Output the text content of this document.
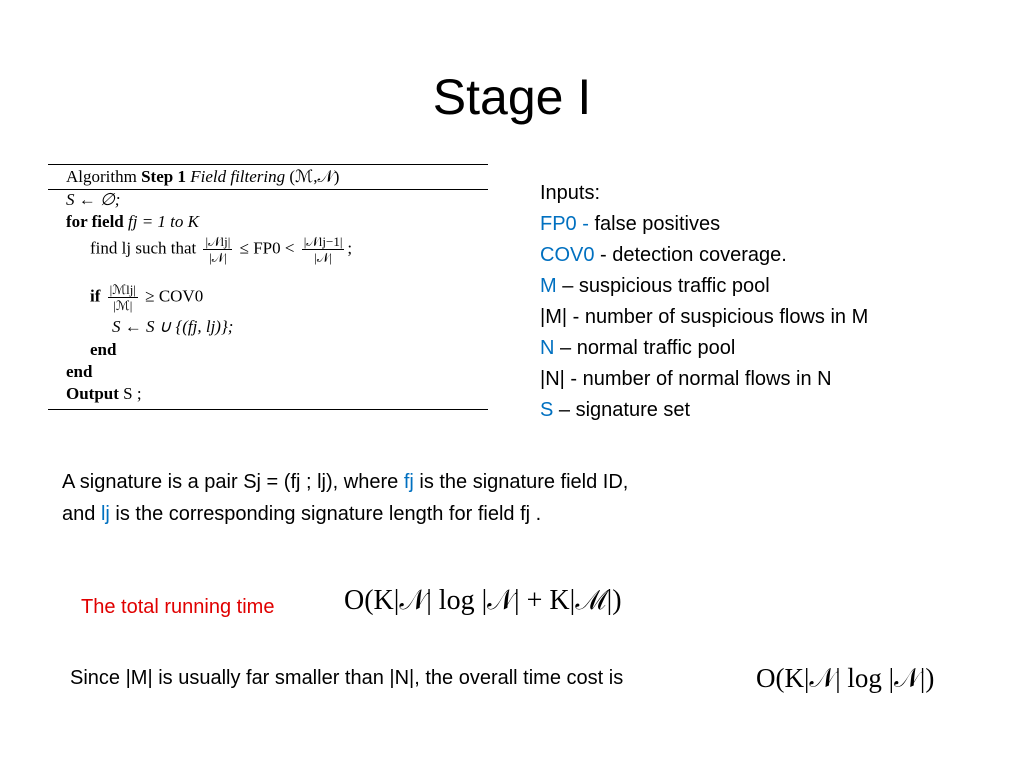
Stage I
Algorithm Step 1 Field filtering (ℳ,𝒩)
S ← ∅;
for field fj = 1 to K
find lj such that $\frac{\text{|𝒩lj|}}{\text{|𝒩|}} \le FP0 < \frac{\text{|𝒩lj−1|}}{\text{|𝒩|}}$ ;
if $\frac{\text{|ℳlj|}}{\text{|ℳ|}} \ge COV0$
S ← S ∪ {(fj, lj)};
end
end
Output S ;
Inputs:
FP0 - false positives
COV0 - detection coverage.
M – suspicious traffic pool
|M| - number of suspicious flows in M
N – normal traffic pool
|N| - number of normal flows in N
S – signature set
A signature is a pair Sj = (fj ; lj), where fj is the signature field ID,
and lj is the corresponding signature length for field fj .
The total running time O(K|𝒩| log |𝒩| + K|ℳ|)
Since |M| is usually far smaller than |N|, the overall time cost is	O(K|𝒩| log |𝒩|)
